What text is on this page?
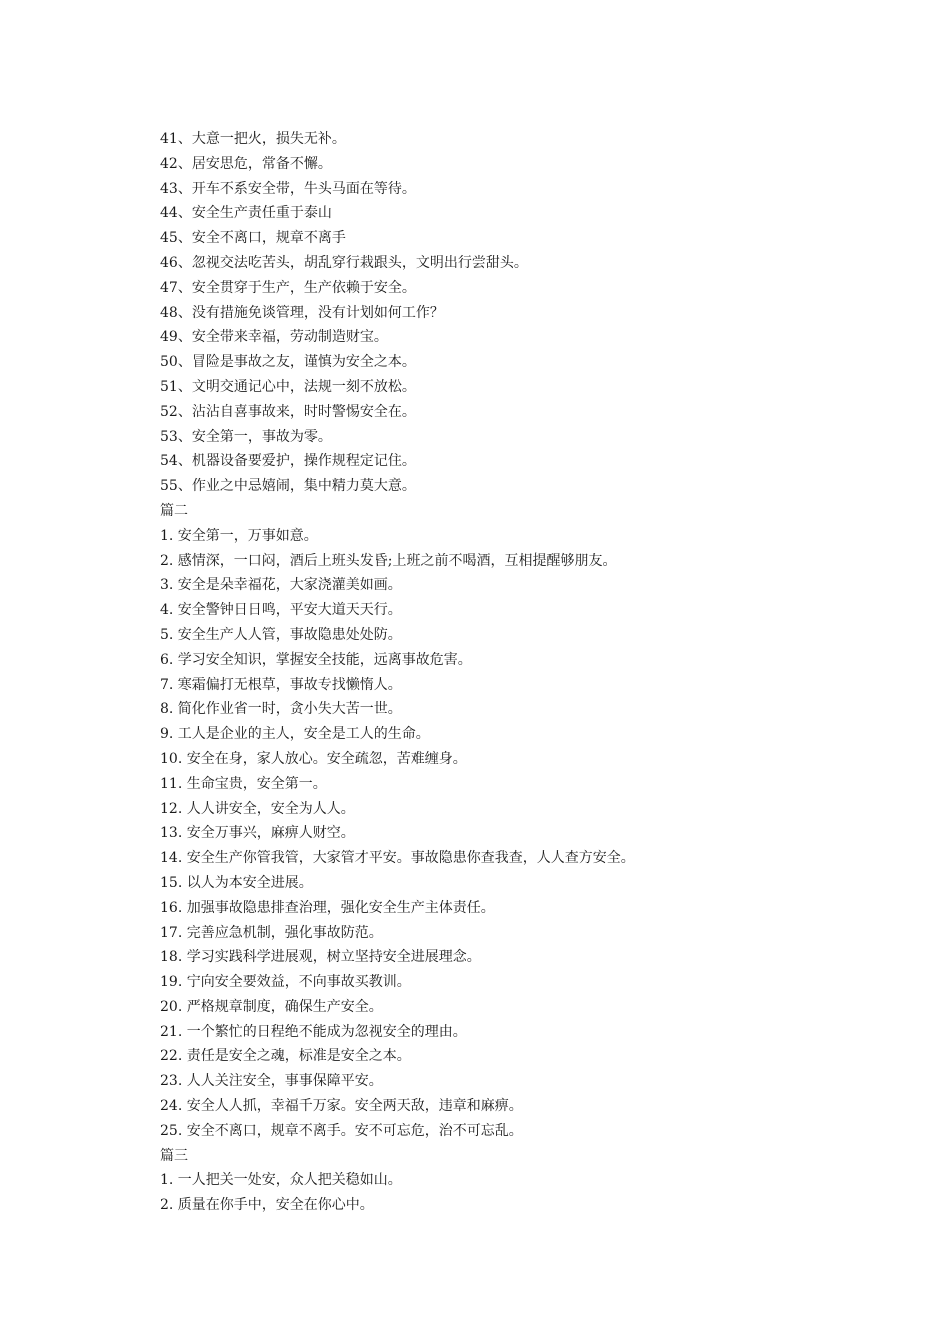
41、大意一把火，损失无补。

42、居安思危，常备不懈。

43、开车不系安全带，牛头马面在等待。

44、安全生产责任重于泰山

45、安全不离口，规章不离手

46、忽视交法吃苦头，胡乱穿行栽跟头，文明出行尝甜头。

47、安全贯穿于生产，生产依赖于安全。

48、没有措施免谈管理，没有计划如何工作？

49、安全带来幸福，劳动制造财宝。

50、冒险是事故之友，谨慎为安全之本。

51、文明交通记心中，法规一刻不放松。

52、沾沾自喜事故来，时时警惕安全在。

53、安全第一，事故为零。

54、机器设备要爱护，操作规程定记住。

55、作业之中忌嬉闹，集中精力莫大意。

篇二

1. 安全第一，万事如意。

2. 感情深，一口闷，酒后上班头发昏;上班之前不喝酒，互相提醒够朋友。

3. 安全是朵幸福花，大家浇灌美如画。

4. 安全警钟日日鸣，平安大道天天行。

5. 安全生产人人管，事故隐患处处防。

6. 学习安全知识，掌握安全技能，远离事故危害。

7. 寒霜偏打无根草，事故专找懒惰人。

8. 简化作业省一时，贪小失大苦一世。

9. 工人是企业的主人，安全是工人的生命。

10. 安全在身，家人放心。安全疏忽，苦难缠身。

11. 生命宝贵，安全第一。

12. 人人讲安全，安全为人人。

13. 安全万事兴，麻痹人财空。

14. 安全生产你管我管，大家管才平安。事故隐患你查我查，人人查方安全。

15. 以人为本安全进展。

16. 加强事故隐患排查治理，强化安全生产主体责任。

17. 完善应急机制，强化事故防范。

18. 学习实践科学进展观，树立坚持安全进展理念。

19. 宁向安全要效益，不向事故买教训。

20. 严格规章制度，确保生产安全。

21. 一个繁忙的日程绝不能成为忽视安全的理由。

22. 责任是安全之魂，标准是安全之本。

23. 人人关注安全，事事保障平安。

24. 安全人人抓，幸福千万家。安全两天敌，违章和麻痹。

25. 安全不离口，规章不离手。安不可忘危，治不可忘乱。

篇三

1. 一人把关一处安，众人把关稳如山。

2. 质量在你手中，安全在你心中。
